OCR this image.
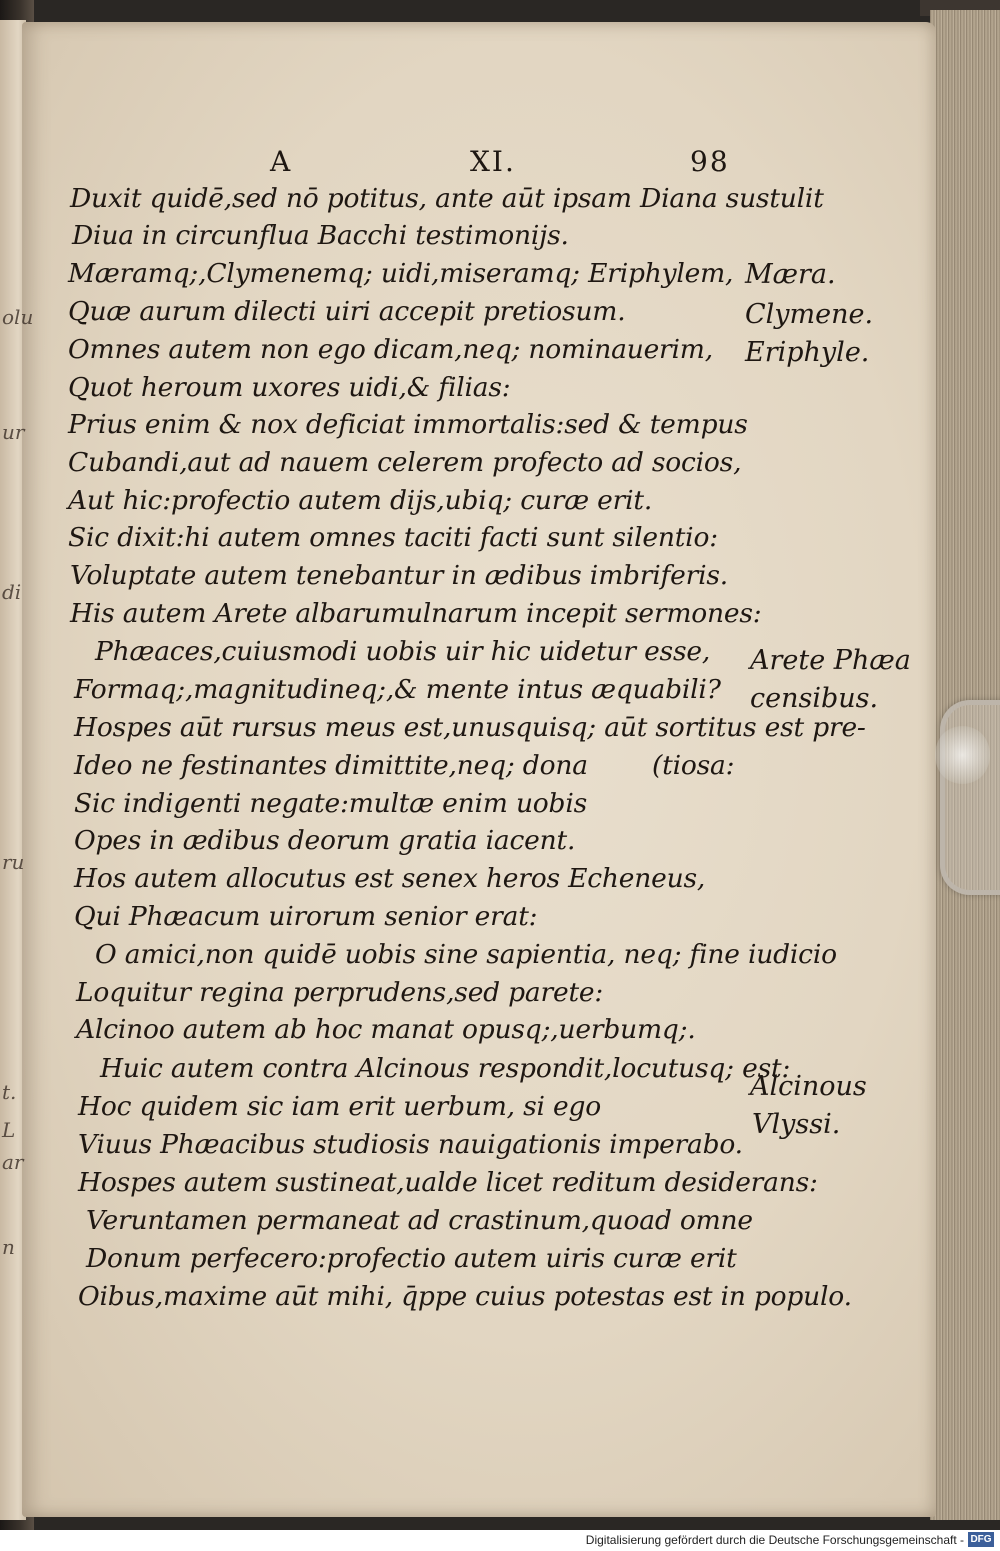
olu
ur
di
ru
t.
L
ar
n
A	XI.	98
Duxit quidē,sed nō potitus, ante aūt ipsam Diana sustulit
Diua in circunflua Bacchi testimonijs.
Mæramq;,Clymenemq; uidi,miseramq; Eriphylem,
Quæ aurum dilecti uiri accepit pretiosum.
Omnes autem non ego dicam,neq; nominauerim,
Quot heroum uxores uidi,& filias:
Prius enim & nox deficiat immortalis:sed & tempus
Cubandi,aut ad nauem celerem profecto ad socios,
Aut hic:profectio autem dijs,ubiq; curæ erit.
Sic dixit:hi autem omnes taciti facti sunt silentio:
Voluptate autem tenebantur in ædibus imbriferis.
His autem Arete albarumulnarum incepit sermones:
Phæaces,cuiusmodi uobis uir hic uidetur esse,
Formaq;,magnitudineq;,& mente intus æquabili?
Hospes aūt rursus meus est,unusquisq; aūt sortitus est pre-
Ideo ne festinantes dimittite,neq; dona (tiosa:
Sic indigenti negate:multæ enim uobis
Opes in ædibus deorum gratia iacent.
Hos autem allocutus est senex heros Echeneus,
Qui Phæacum uirorum senior erat:
O amici,non quidē uobis sine sapientia, neq; fine iudicio
Loquitur regina perprudens,sed parete:
Alcinoo autem ab hoc manat opusq;,uerbumq;.
Huic autem contra Alcinous respondit,locutusq; est:
Hoc quidem sic iam erit uerbum, si ego
Viuus Phæacibus studiosis nauigationis imperabo.
Hospes autem sustineat,ualde licet reditum desiderans:
Veruntamen permaneat ad crastinum,quoad omne
Donum perfecero:profectio autem uiris curæ erit
Oibus,maxime aūt mihi, q̄ppe cuius potestas est in populo.
Mæra.
Clymene.
Eriphyle.
Arete Phæa
censibus.
Alcinous
Vlyssi.
Digitalisierung gefördert durch die Deutsche Forschungsgemeinschaft - DFG
